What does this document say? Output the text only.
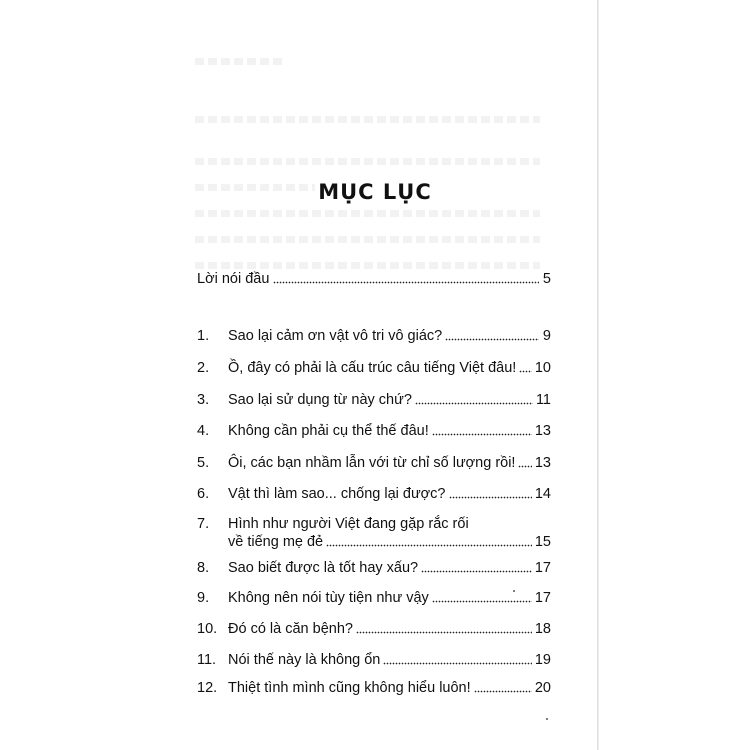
MỤC LỤC
Lời nói đầu	5
1.	Sao lại cảm ơn vật vô tri vô giác?	9
2.	Ồ, đây có phải là cấu trúc câu tiếng Việt đâu! 10
3.	Sao lại sử dụng từ này chứ?	11
4.	Không cần phải cụ thể thế đâu!	13
5.	Ôi, các bạn nhầm lẫn với từ chỉ số lượng rồi! 13
6.	Vật thì làm sao... chống lại được?	14
7.	Hình như người Việt đang gặp rắc rối
về tiếng mẹ đẻ	15
8.	Sao biết được là tốt hay xấu?	17
9.	Không nên nói tùy tiện như vậy	17
10. Đó có là căn bệnh?	18
11. Nói thế này là không ổn	19
12. Thiệt tình mình cũng không hiểu luôn!	20
